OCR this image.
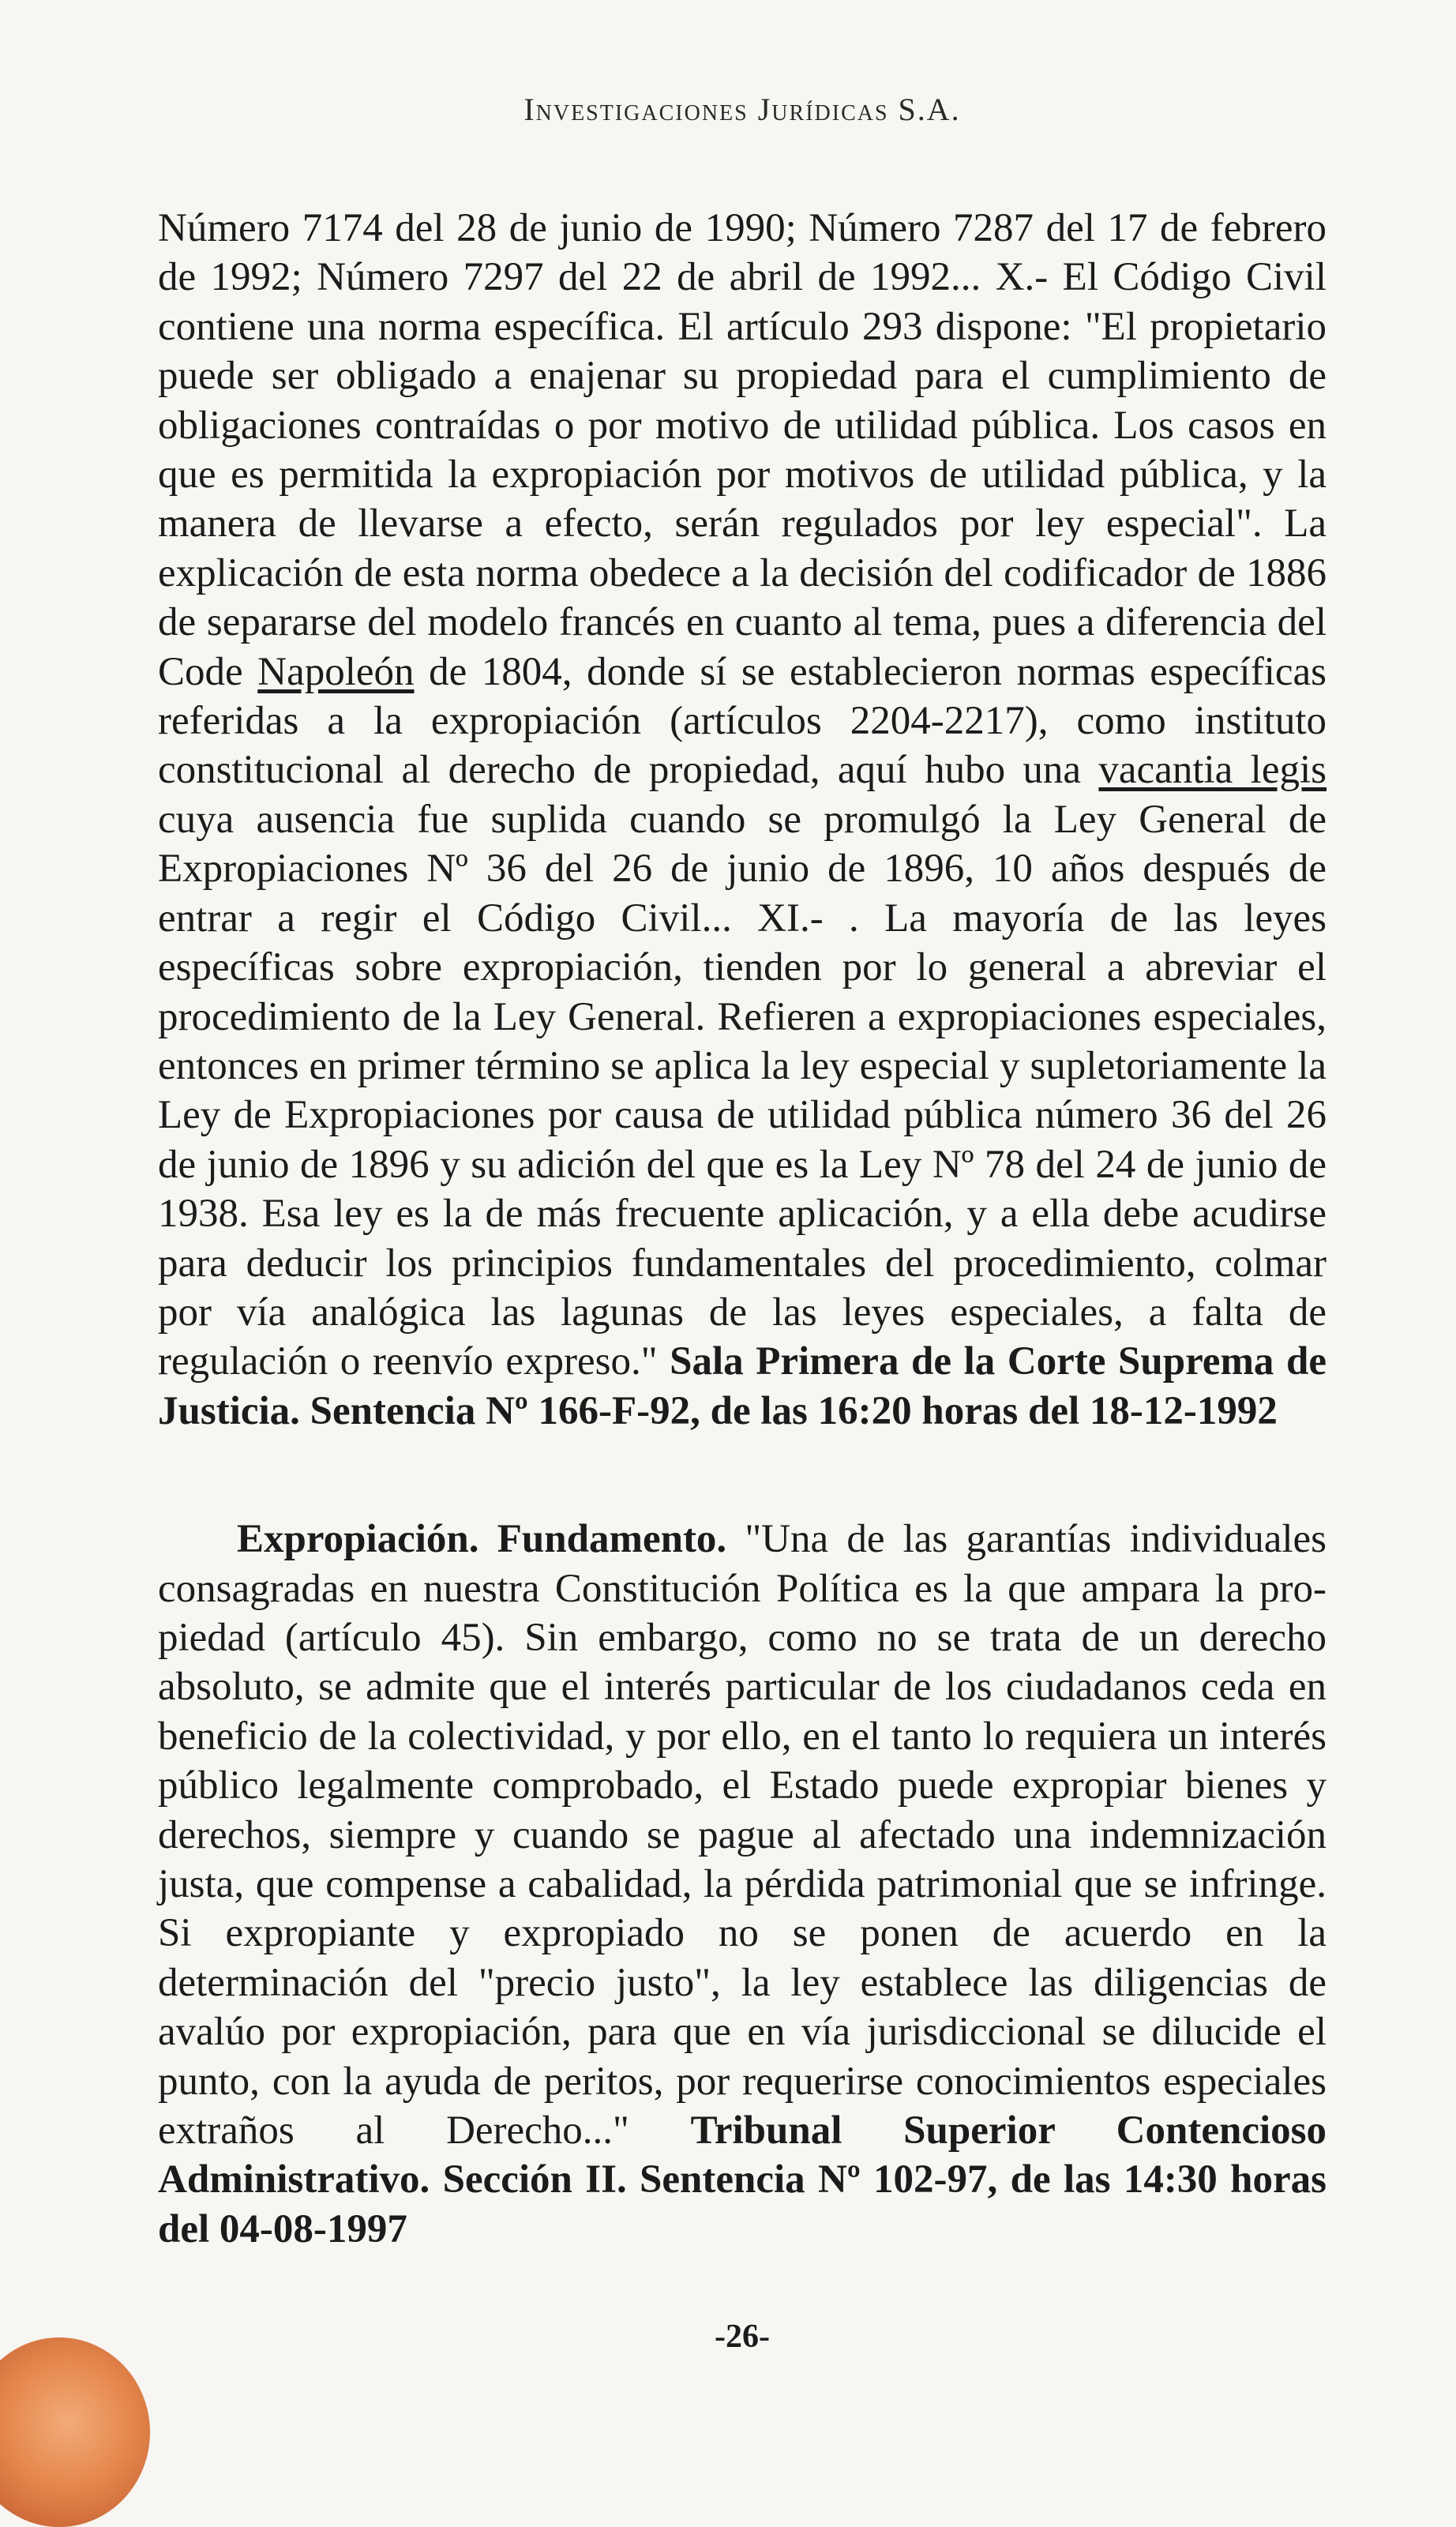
Investigaciones Jurídicas S.A.

Número 7174 del 28 de junio de 1990; Número 7287 del 17 de febrero de 1992; Número 7297 del 22 de abril de 1992... X.- El Código Civil contiene una norma específica. El artículo 293 dispone: "El propietario puede ser obligado a enajenar su propiedad para el cumplimiento de obligaciones contraídas o por motivo de utilidad pública. Los casos en que es permitida la expropiación por motivos de utilidad pública, y la manera de llevarse a efecto, serán regulados por ley especial". La explicación de esta norma obedece a la decisión del codificador de 1886 de separarse del modelo francés en cuanto al tema, pues a diferencia del Code Napoleón de 1804, donde sí se establecieron normas específicas referidas a la expropiación (artículos 2204-2217), como instituto constitucional al derecho de propiedad, aquí hubo una vacantia legis cuya ausencia fue suplida cuando se promulgó la Ley General de Expropiaciones Nº 36 del 26 de junio de 1896, 10 años después de entrar a regir el Código Civil... XI.- . La mayoría de las leyes específicas sobre expropiación, tienden por lo general a abreviar el procedimiento de la Ley General. Refieren a expropiaciones especiales, entonces en primer término se aplica la ley especial y supletoriamente la Ley de Expropiaciones por causa de utilidad pública número 36 del 26 de junio de 1896 y su adición del que es la Ley Nº 78 del 24 de junio de 1938. Esa ley es la de más frecuente aplicación, y a ella debe acudirse para deducir los principios fundamentales del procedimiento, colmar por vía analógica las lagunas de las leyes especiales, a falta de regulación o reenvío expreso." Sala Primera de la Corte Suprema de Justicia. Sentencia Nº 166-F-92, de las 16:20 horas del 18-12-1992

Expropiación. Fundamento. "Una de las garantías individuales consagradas en nuestra Constitución Política es la que ampara la propiedad (artículo 45). Sin embargo, como no se trata de un derecho absoluto, se admite que el interés particular de los ciudadanos ceda en beneficio de la colectividad, y por ello, en el tanto lo requiera un interés público legalmente comprobado, el Estado puede expropiar bienes y derechos, siempre y cuando se pague al afectado una indemnización justa, que compense a cabalidad, la pérdida patrimonial que se infringe. Si expropiante y expropiado no se ponen de acuerdo en la determinación del "precio justo", la ley establece las diligencias de avalúo por expropiación, para que en vía jurisdiccional se dilucide el punto, con la ayuda de peritos, por requerirse conocimientos especiales extraños al Derecho..." Tribunal Superior Contencioso Administrativo. Sección II. Sentencia Nº 102-97, de las 14:30 horas del 04-08-1997

-26-
